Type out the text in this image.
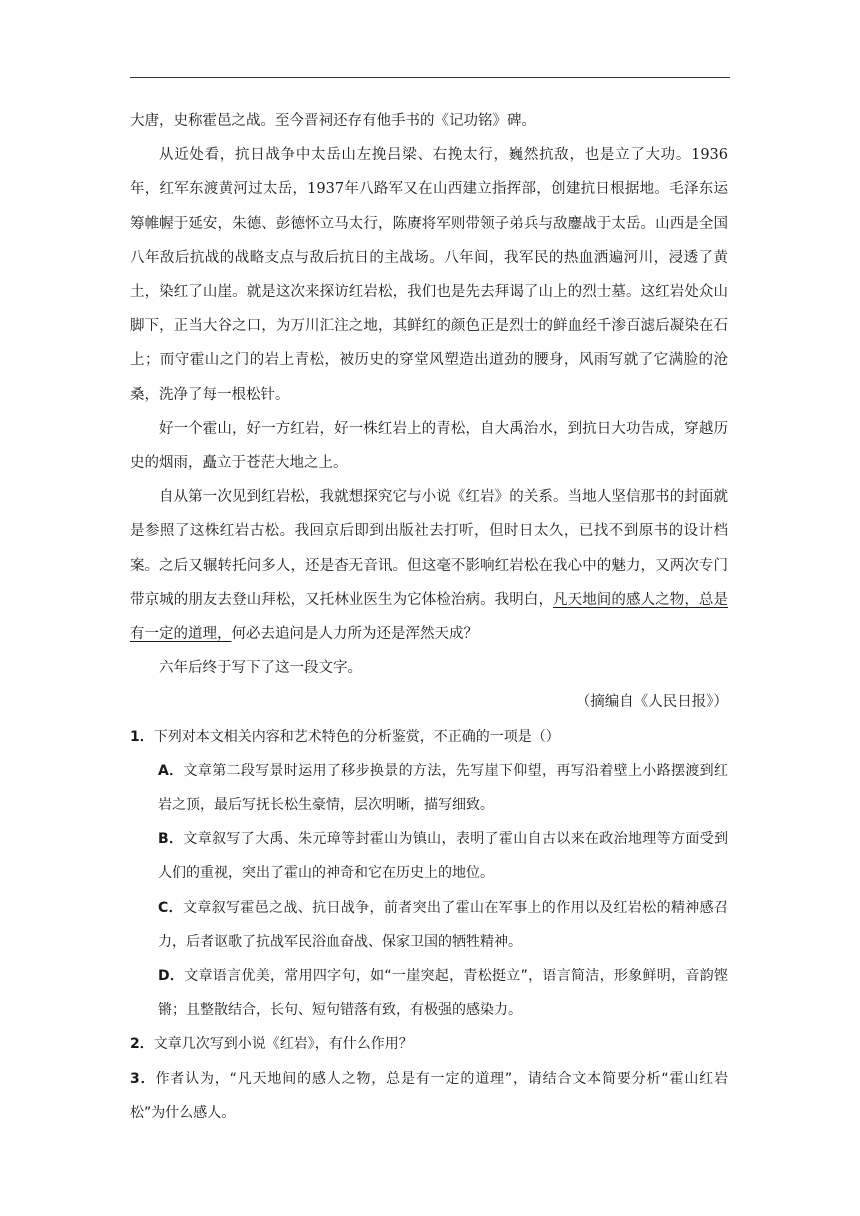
大唐，史称霍邑之战。至今晋祠还存有他手书的《记功铭》碑。

从近处看，抗日战争中太岳山左挽吕梁、右挽太行，巍然抗敌，也是立了大功。1936年，红军东渡黄河过太岳，1937年八路军又在山西建立指挥部，创建抗日根据地。毛泽东运筹帷幄于延安，朱德、彭德怀立马太行，陈赓将军则带领子弟兵与敌鏖战于太岳。山西是全国八年敌后抗战的战略支点与敌后抗日的主战场。八年间，我军民的热血洒遍河川，浸透了黄土，染红了山崖。就是这次来探访红岩松，我们也是先去拜谒了山上的烈士墓。这红岩处众山脚下，正当大谷之口，为万川汇注之地，其鲜红的颜色正是烈士的鲜血经千渗百滤后凝染在石上；而守霍山之门的岩上青松，被历史的穿堂风塑造出道劲的腰身，风雨写就了它满脸的沧桑，洗净了每一根松针。

好一个霍山，好一方红岩，好一株红岩上的青松，自大禹治水，到抗日大功告成，穿越历史的烟雨，矗立于苍茫大地之上。

自从第一次见到红岩松，我就想探究它与小说《红岩》的关系。当地人坚信那书的封面就是参照了这株红岩古松。我回京后即到出版社去打听，但时日太久，已找不到原书的设计档案。之后又辗转托问多人，还是杳无音讯。但这毫不影响红岩松在我心中的魅力，又两次专门带京城的朋友去登山拜松，又托林业医生为它体检治病。我明白，凡天地间的感人之物，总是有一定的道理，何必去追问是人力所为还是浑然天成？

六年后终于写下了这一段文字。

（摘编自《人民日报》）

1．下列对本文相关内容和艺术特色的分析鉴赏，不正确的一项是（）

A．文章第二段写景时运用了移步换景的方法，先写崖下仰望，再写沿着壁上小路摆渡到红岩之顶，最后写抚长松生豪情，层次明晰，描写细致。

B．文章叙写了大禹、朱元璋等封霍山为镇山，表明了霍山自古以来在政治地理等方面受到人们的重视，突出了霍山的神奇和它在历史上的地位。

C．文章叙写霍邑之战、抗日战争，前者突出了霍山在军事上的作用以及红岩松的精神感召力，后者讴歌了抗战军民浴血奋战、保家卫国的牺牲精神。

D．文章语言优美，常用四字句，如“一崖突起，青松挺立”，语言简洁，形象鲜明，音韵铿锵；且整散结合，长句、短句错落有致，有极强的感染力。

2．文章几次写到小说《红岩》，有什么作用？

3．作者认为，“凡天地间的感人之物，总是有一定的道理”，请结合文本简要分析“霍山红岩松”为什么感人。
